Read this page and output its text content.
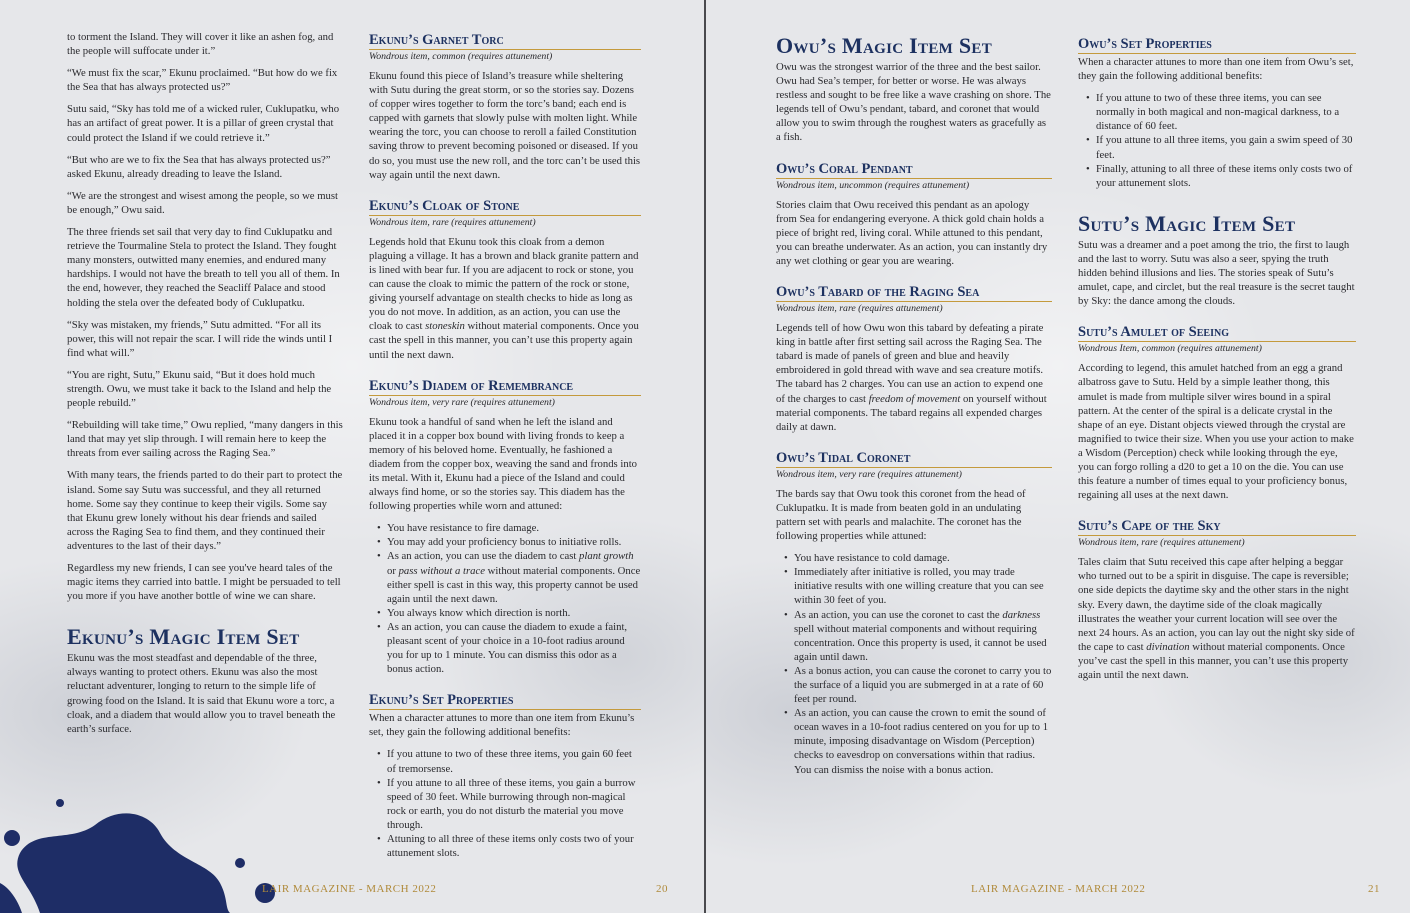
to torment the Island. They will cover it like an ashen fog, and the people will suffocate under it.”

“We must fix the scar,” Ekunu proclaimed. “But how do we fix the Sea that has always protected us?”

Sutu said, “Sky has told me of a wicked ruler, Cuklupatku, who has an artifact of great power. It is a pillar of green crystal that could protect the Island if we could retrieve it.”

“But who are we to fix the Sea that has always protected us?” asked Ekunu, already dreading to leave the Island.

“We are the strongest and wisest among the people, so we must be enough,” Owu said.

The three friends set sail that very day to find Cuklupatku and retrieve the Tourmaline Stela to protect the Island. They fought many monsters, outwitted many enemies, and endured many hardships. I would not have the breath to tell you all of them. In the end, however, they reached the Seacliff Palace and stood holding the stela over the defeated body of Cuklupatku.

“Sky was mistaken, my friends,” Sutu admitted. “For all its power, this will not repair the scar. I will ride the winds until I find what will.”

“You are right, Sutu,” Ekunu said, “But it does hold much strength. Owu, we must take it back to the Island and help the people rebuild.”

“Rebuilding will take time,” Owu replied, “many dangers in this land that may yet slip through. I will remain here to keep the threats from ever sailing across the Raging Sea.”

With many tears, the friends parted to do their part to protect the island. Some say Sutu was successful, and they all returned home. Some say they continue to keep their vigils. Some say that Ekunu grew lonely without his dear friends and sailed across the Raging Sea to find them, and they continued their adventures to the last of their days.”

Regardless my new friends, I can see you've heard tales of the magic items they carried into battle. I might be persuaded to tell you more if you have another bottle of wine we can share.

Ekunu’s Magic Item Set

Ekunu was the most steadfast and dependable of the three, always wanting to protect others. Ekunu was also the most reluctant adventurer, longing to return to the simple life of growing food on the Island. It is said that Ekunu wore a torc, a cloak, and a diadem that would allow you to travel beneath the earth’s surface.

Ekunu’s Garnet Torc
Wondrous item, common (requires attunement)

Ekunu found this piece of Island’s treasure while sheltering with Sutu during the great storm, or so the stories say. Dozens of copper wires together to form the torc’s band; each end is capped with garnets that slowly pulse with molten light. While wearing the torc, you can choose to reroll a failed Constitution saving throw to prevent becoming poisoned or diseased. If you do so, you must use the new roll, and the torc can’t be used this way again until the next dawn.

Ekunu’s Cloak of Stone
Wondrous item, rare (requires attunement)

Legends hold that Ekunu took this cloak from a demon plaguing a village. It has a brown and black granite pattern and is lined with bear fur. If you are adjacent to rock or stone, you can cause the cloak to mimic the pattern of the rock or stone, giving yourself advantage on stealth checks to hide as long as you do not move. In addition, as an action, you can use the cloak to cast stoneskin without material components. Once you cast the spell in this manner, you can’t use this property again until the next dawn.

Ekunu’s Diadem of Remembrance
Wondrous item, very rare (requires attunement)

Ekunu took a handful of sand when he left the island and placed it in a copper box bound with living fronds to keep a memory of his beloved home. Eventually, he fashioned a diadem from the copper box, weaving the sand and fronds into its metal. With it, Ekunu had a piece of the Island and could always find home, or so the stories say. This diadem has the following properties while worn and attuned:

• You have resistance to fire damage.
• You may add your proficiency bonus to initiative rolls.
• As an action, you can use the diadem to cast plant growth or pass without a trace without material components. Once either spell is cast in this way, this property cannot be used again until the next dawn.
• You always know which direction is north.
• As an action, you can cause the diadem to exude a faint, pleasant scent of your choice in a 10-foot radius around you for up to 1 minute. You can dismiss this odor as a bonus action.
Ekunu’s Set Properties

When a character attunes to more than one item from Ekunu’s set, they gain the following additional benefits:

• If you attune to two of these three items, you gain 60 feet of tremorsense.
• If you attune to all three of these items, you gain a burrow speed of 30 feet. While burrowing through non-magical rock or earth, you do not disturb the material you move through.
• Attuning to all three of these items only costs two of your attunement slots.
LAIR MAGAZINE - MARCH 2022	20
Owu’s Magic Item Set

Owu was the strongest warrior of the three and the best sailor. Owu had Sea’s temper, for better or worse. He was always restless and sought to be free like a wave crashing on shore. The legends tell of Owu’s pendant, tabard, and coronet that would allow you to swim through the roughest waters as gracefully as a fish.

Owu’s Coral Pendant
Wondrous item, uncommon (requires attunement)

Stories claim that Owu received this pendant as an apology from Sea for endangering everyone. A thick gold chain holds a piece of bright red, living coral. While attuned to this pendant, you can breathe underwater. As an action, you can instantly dry any wet clothing or gear you are wearing.

Owu’s Tabard of the Raging Sea
Wondrous item, rare (requires attunement)

Legends tell of how Owu won this tabard by defeating a pirate king in battle after first setting sail across the Raging Sea. The tabard is made of panels of green and blue and heavily embroidered in gold thread with wave and sea creature motifs. The tabard has 2 charges. You can use an action to expend one of the charges to cast freedom of movement on yourself without material components. The tabard regains all expended charges daily at dawn.

Owu’s Tidal Coronet
Wondrous item, very rare (requires attunement)

The bards say that Owu took this coronet from the head of Cuklupatku. It is made from beaten gold in an undulating pattern set with pearls and malachite. The coronet has the following properties while attuned:

• You have resistance to cold damage.
• Immediately after initiative is rolled, you may trade initiative results with one willing creature that you can see within 30 feet of you.
• As an action, you can use the coronet to cast the darkness spell without material components and without requiring concentration. Once this property is used, it cannot be used again until dawn.
• As a bonus action, you can cause the coronet to carry you to the surface of a liquid you are submerged in at a rate of 60 feet per round.
• As an action, you can cause the crown to emit the sound of ocean waves in a 10-foot radius centered on you for up to 1 minute, imposing disadvantage on Wisdom (Perception) checks to eavesdrop on conversations within that radius. You can dismiss the noise with a bonus action.
Owu’s Set Properties

When a character attunes to more than one item from Owu’s set, they gain the following additional benefits:

• If you attune to two of these three items, you can see normally in both magical and non-magical darkness, to a distance of 60 feet.
• If you attune to all three items, you gain a swim speed of 30 feet.
• Finally, attuning to all three of these items only costs two of your attunement slots.
Sutu’s Magic Item Set

Sutu was a dreamer and a poet among the trio, the first to laugh and the last to worry. Sutu was also a seer, spying the truth hidden behind illusions and lies. The stories speak of Sutu’s amulet, cape, and circlet, but the real treasure is the secret taught by Sky: the dance among the clouds.

Sutu’s Amulet of Seeing
Wondrous Item, common (requires attunement)

According to legend, this amulet hatched from an egg a grand albatross gave to Sutu. Held by a simple leather thong, this amulet is made from multiple silver wires bound in a spiral pattern. At the center of the spiral is a delicate crystal in the shape of an eye. Distant objects viewed through the crystal are magnified to twice their size. When you use your action to make a Wisdom (Perception) check while looking through the eye, you can forgo rolling a d20 to get a 10 on the die. You can use this feature a number of times equal to your proficiency bonus, regaining all uses at the next dawn.

Sutu’s Cape of the Sky
Wondrous item, rare (requires attunement)

Tales claim that Sutu received this cape after helping a beggar who turned out to be a spirit in disguise. The cape is reversible; one side depicts the daytime sky and the other stars in the night sky. Every dawn, the daytime side of the cloak magically illustrates the weather your current location will see over the next 24 hours. As an action, you can lay out the night sky side of the cape to cast divination without material components. Once you’ve cast the spell in this manner, you can’t use this property again until the next dawn.

LAIR MAGAZINE - MARCH 2022	21
